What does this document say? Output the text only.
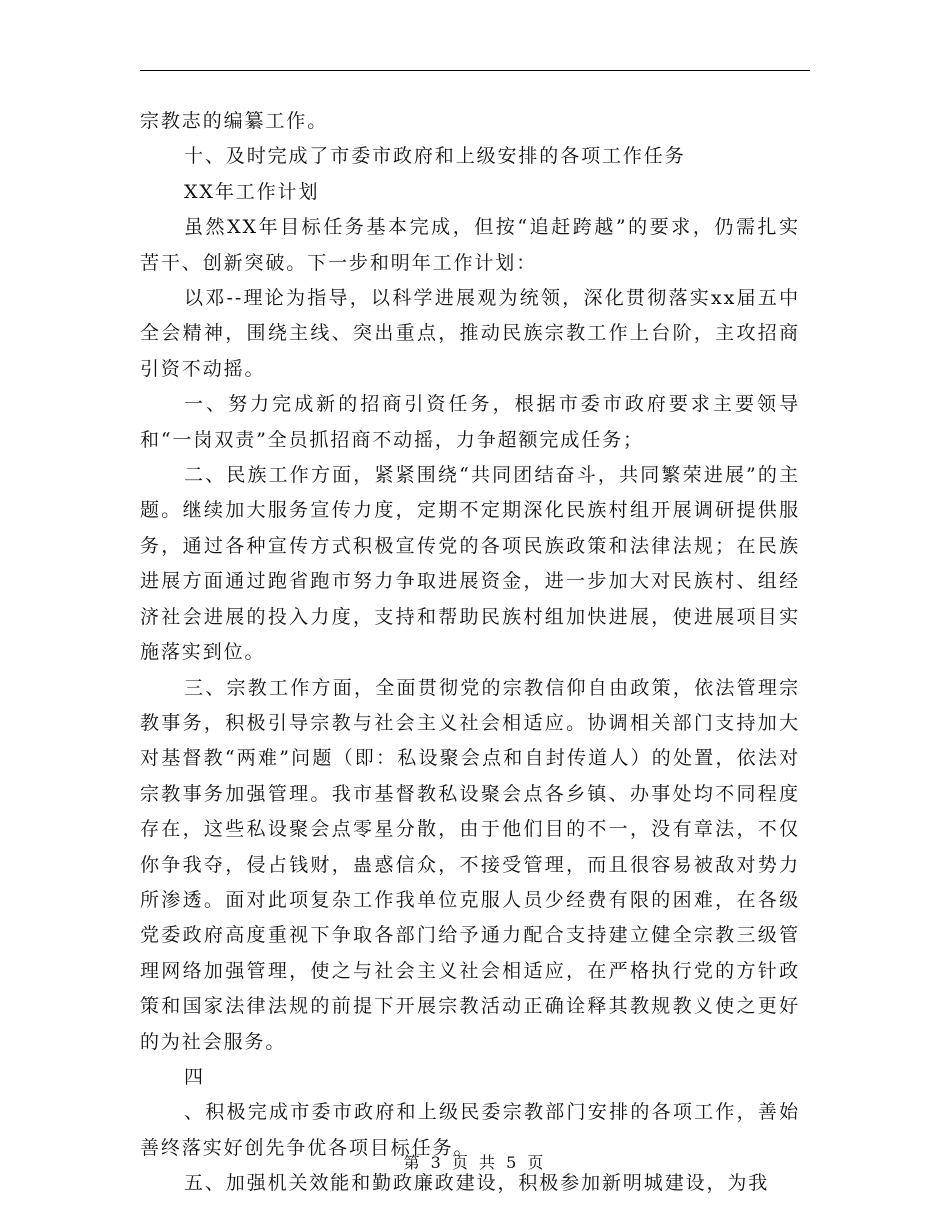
宗教志的编纂工作。

十、及时完成了市委市政府和上级安排的各项工作任务

XX年工作计划

虽然XX年目标任务基本完成，但按“追赶跨越”的要求，仍需扎实苦干、创新突破。下一步和明年工作计划：

以邓--理论为指导，以科学进展观为统领，深化贯彻落实xx届五中全会精神，围绕主线、突出重点，推动民族宗教工作上台阶，主攻招商引资不动摇。

一、努力完成新的招商引资任务，根据市委市政府要求主要领导和“一岗双责”全员抓招商不动摇，力争超额完成任务；

二、民族工作方面，紧紧围绕“共同团结奋斗，共同繁荣进展”的主题。继续加大服务宣传力度，定期不定期深化民族村组开展调研提供服务，通过各种宣传方式积极宣传党的各项民族政策和法律法规；在民族进展方面通过跑省跑市努力争取进展资金，进一步加大对民族村、组经济社会进展的投入力度，支持和帮助民族村组加快进展，使进展项目实施落实到位。

三、宗教工作方面，全面贯彻党的宗教信仰自由政策，依法管理宗教事务，积极引导宗教与社会主义社会相适应。协调相关部门支持加大对基督教“两难”问题（即：私设聚会点和自封传道人）的处置，依法对宗教事务加强管理。我市基督教私设聚会点各乡镇、办事处均不同程度存在，这些私设聚会点零星分散，由于他们目的不一，没有章法，不仅你争我夺，侵占钱财，蛊惑信众，不接受管理，而且很容易被敌对势力所渗透。面对此项复杂工作我单位克服人员少经费有限的困难，在各级党委政府高度重视下争取各部门给予通力配合支持建立健全宗教三级管理网络加强管理，使之与社会主义社会相适应，在严格执行党的方针政策和国家法律法规的前提下开展宗教活动正确诠释其教规教义使之更好的为社会服务。

四

、积极完成市委市政府和上级民委宗教部门安排的各项工作，善始善终落实好创先争优各项目标任务。

五、加强机关效能和勤政廉政建设，积极参加新明城建设，为我

第 3 页 共 5 页
